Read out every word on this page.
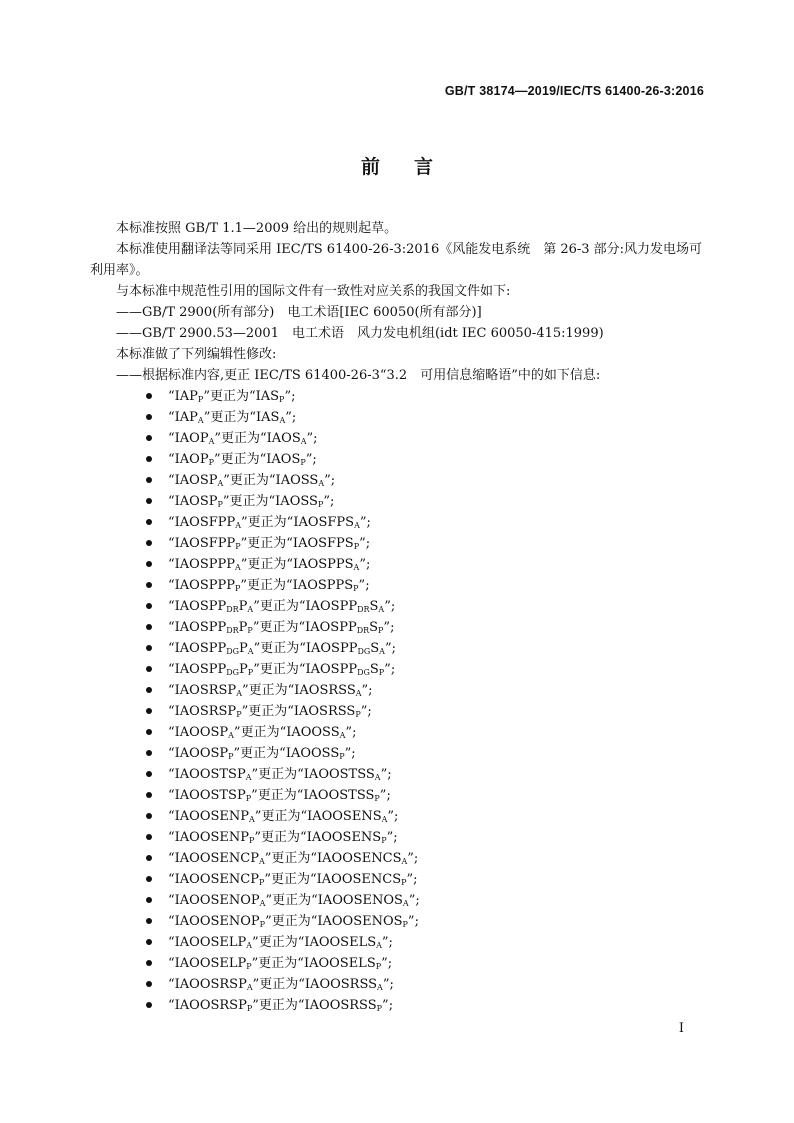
GB/T 38174—2019/IEC/TS 61400-26-3:2016
前言

本标准按照 GB/T 1.1—2009 给出的规则起草。

本标准使用翻译法等同采用 IEC/TS 61400-26-3:2016《风能发电系统　第 26-3 部分:风力发电场可利用率》。

与本标准中规范性引用的国际文件有一致性对应关系的我国文件如下:

——GB/T 2900(所有部分)　电工术语[IEC 60050(所有部分)]
——GB/T 2900.53—2001　电工术语　风力发电机组(idt IEC 60050-415:1999)

本标准做了下列编辑性修改:

——根据标准内容,更正 IEC/TS 61400-26-3“3.2　可用信息缩略语”中的如下信息:
“$IAP_P$”更正为“$IAS_P$”;
“$IAP_A$”更正为“$IAS_A$”;
“$IAOP_A$”更正为“$IAOS_A$”;
“$IAOP_P$”更正为“$IAOS_P$”;
“$IAOSP_A$”更正为“$IAOSS_A$”;
“$IAOSP_P$”更正为“$IAOSS_P$”;
“$IAOSFPP_A$”更正为“$IAOSFPS_A$”;
“$IAOSFPP_P$”更正为“$IAOSFPS_P$”;
“$IAOSPPP_A$”更正为“$IAOSPPS_A$”;
“$IAOSPPP_P$”更正为“$IAOSPPS_P$”;
“$IAOSPP_{DR}P_A$”更正为“$IAOSPP_{DR}S_A$”;
“$IAOSPP_{DR}P_P$”更正为“$IAOSPP_{DR}S_P$”;
“$IAOSPP_{DG}P_A$”更正为“$IAOSPP_{DG}S_A$”;
“$IAOSPP_{DG}P_P$”更正为“$IAOSPP_{DG}S_P$”;
“$IAOSRSP_A$”更正为“$IAOSRSS_A$”;
“$IAOSRSP_P$”更正为“$IAOSRSS_P$”;
“$IAOOSP_A$”更正为“$IAOOSS_A$”;
“$IAOOSP_P$”更正为“$IAOOSS_P$”;
“$IAOOSTSP_A$”更正为“$IAOOSTSS_A$”;
“$IAOOSTSP_P$”更正为“$IAOOSTSS_P$”;
“$IAOOSENP_A$”更正为“$IAOOSENS_A$”;
“$IAOOSENP_P$”更正为“$IAOOSENS_P$”;
“$IAOOSENCP_A$”更正为“$IAOOSENCS_A$”;
“$IAOOSENCP_P$”更正为“$IAOOSENCS_P$”;
“$IAOOSENOP_A$”更正为“$IAOOSENOS_A$”;
“$IAOOSENOP_P$”更正为“$IAOOSENOS_P$”;
“$IAOOSELP_A$”更正为“$IAOOSELS_A$”;
“$IAOOSELP_P$”更正为“$IAOOSELS_P$”;
“$IAOOSRSP_A$”更正为“$IAOOSRSS_A$”;
“$IAOOSRSP_P$”更正为“$IAOOSRSS_P$”;
I
